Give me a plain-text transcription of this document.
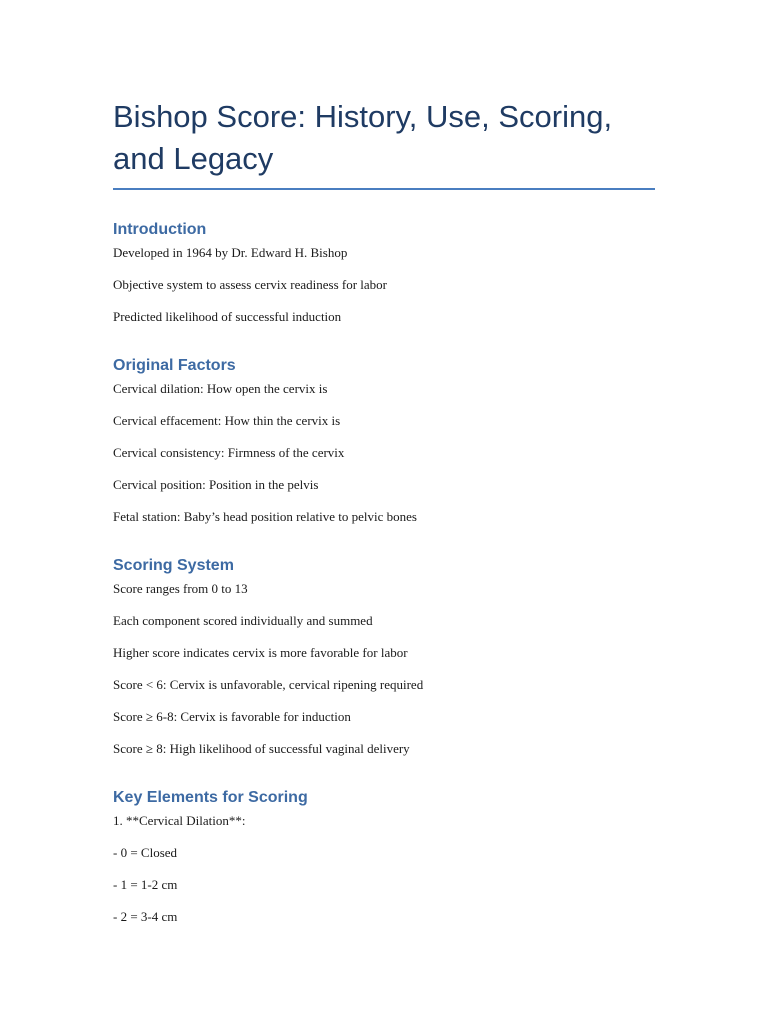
Bishop Score: History, Use, Scoring, and Legacy
Introduction

Developed in 1964 by Dr. Edward H. Bishop

Objective system to assess cervix readiness for labor

Predicted likelihood of successful induction

Original Factors

Cervical dilation: How open the cervix is

Cervical effacement: How thin the cervix is

Cervical consistency: Firmness of the cervix

Cervical position: Position in the pelvis

Fetal station: Baby’s head position relative to pelvic bones

Scoring System

Score ranges from 0 to 13

Each component scored individually and summed

Higher score indicates cervix is more favorable for labor

Score < 6: Cervix is unfavorable, cervical ripening required

Score ≥ 6-8: Cervix is favorable for induction

Score ≥ 8: High likelihood of successful vaginal delivery

Key Elements for Scoring

1. **Cervical Dilation**:

- 0 = Closed

- 1 = 1-2 cm

- 2 = 3-4 cm
